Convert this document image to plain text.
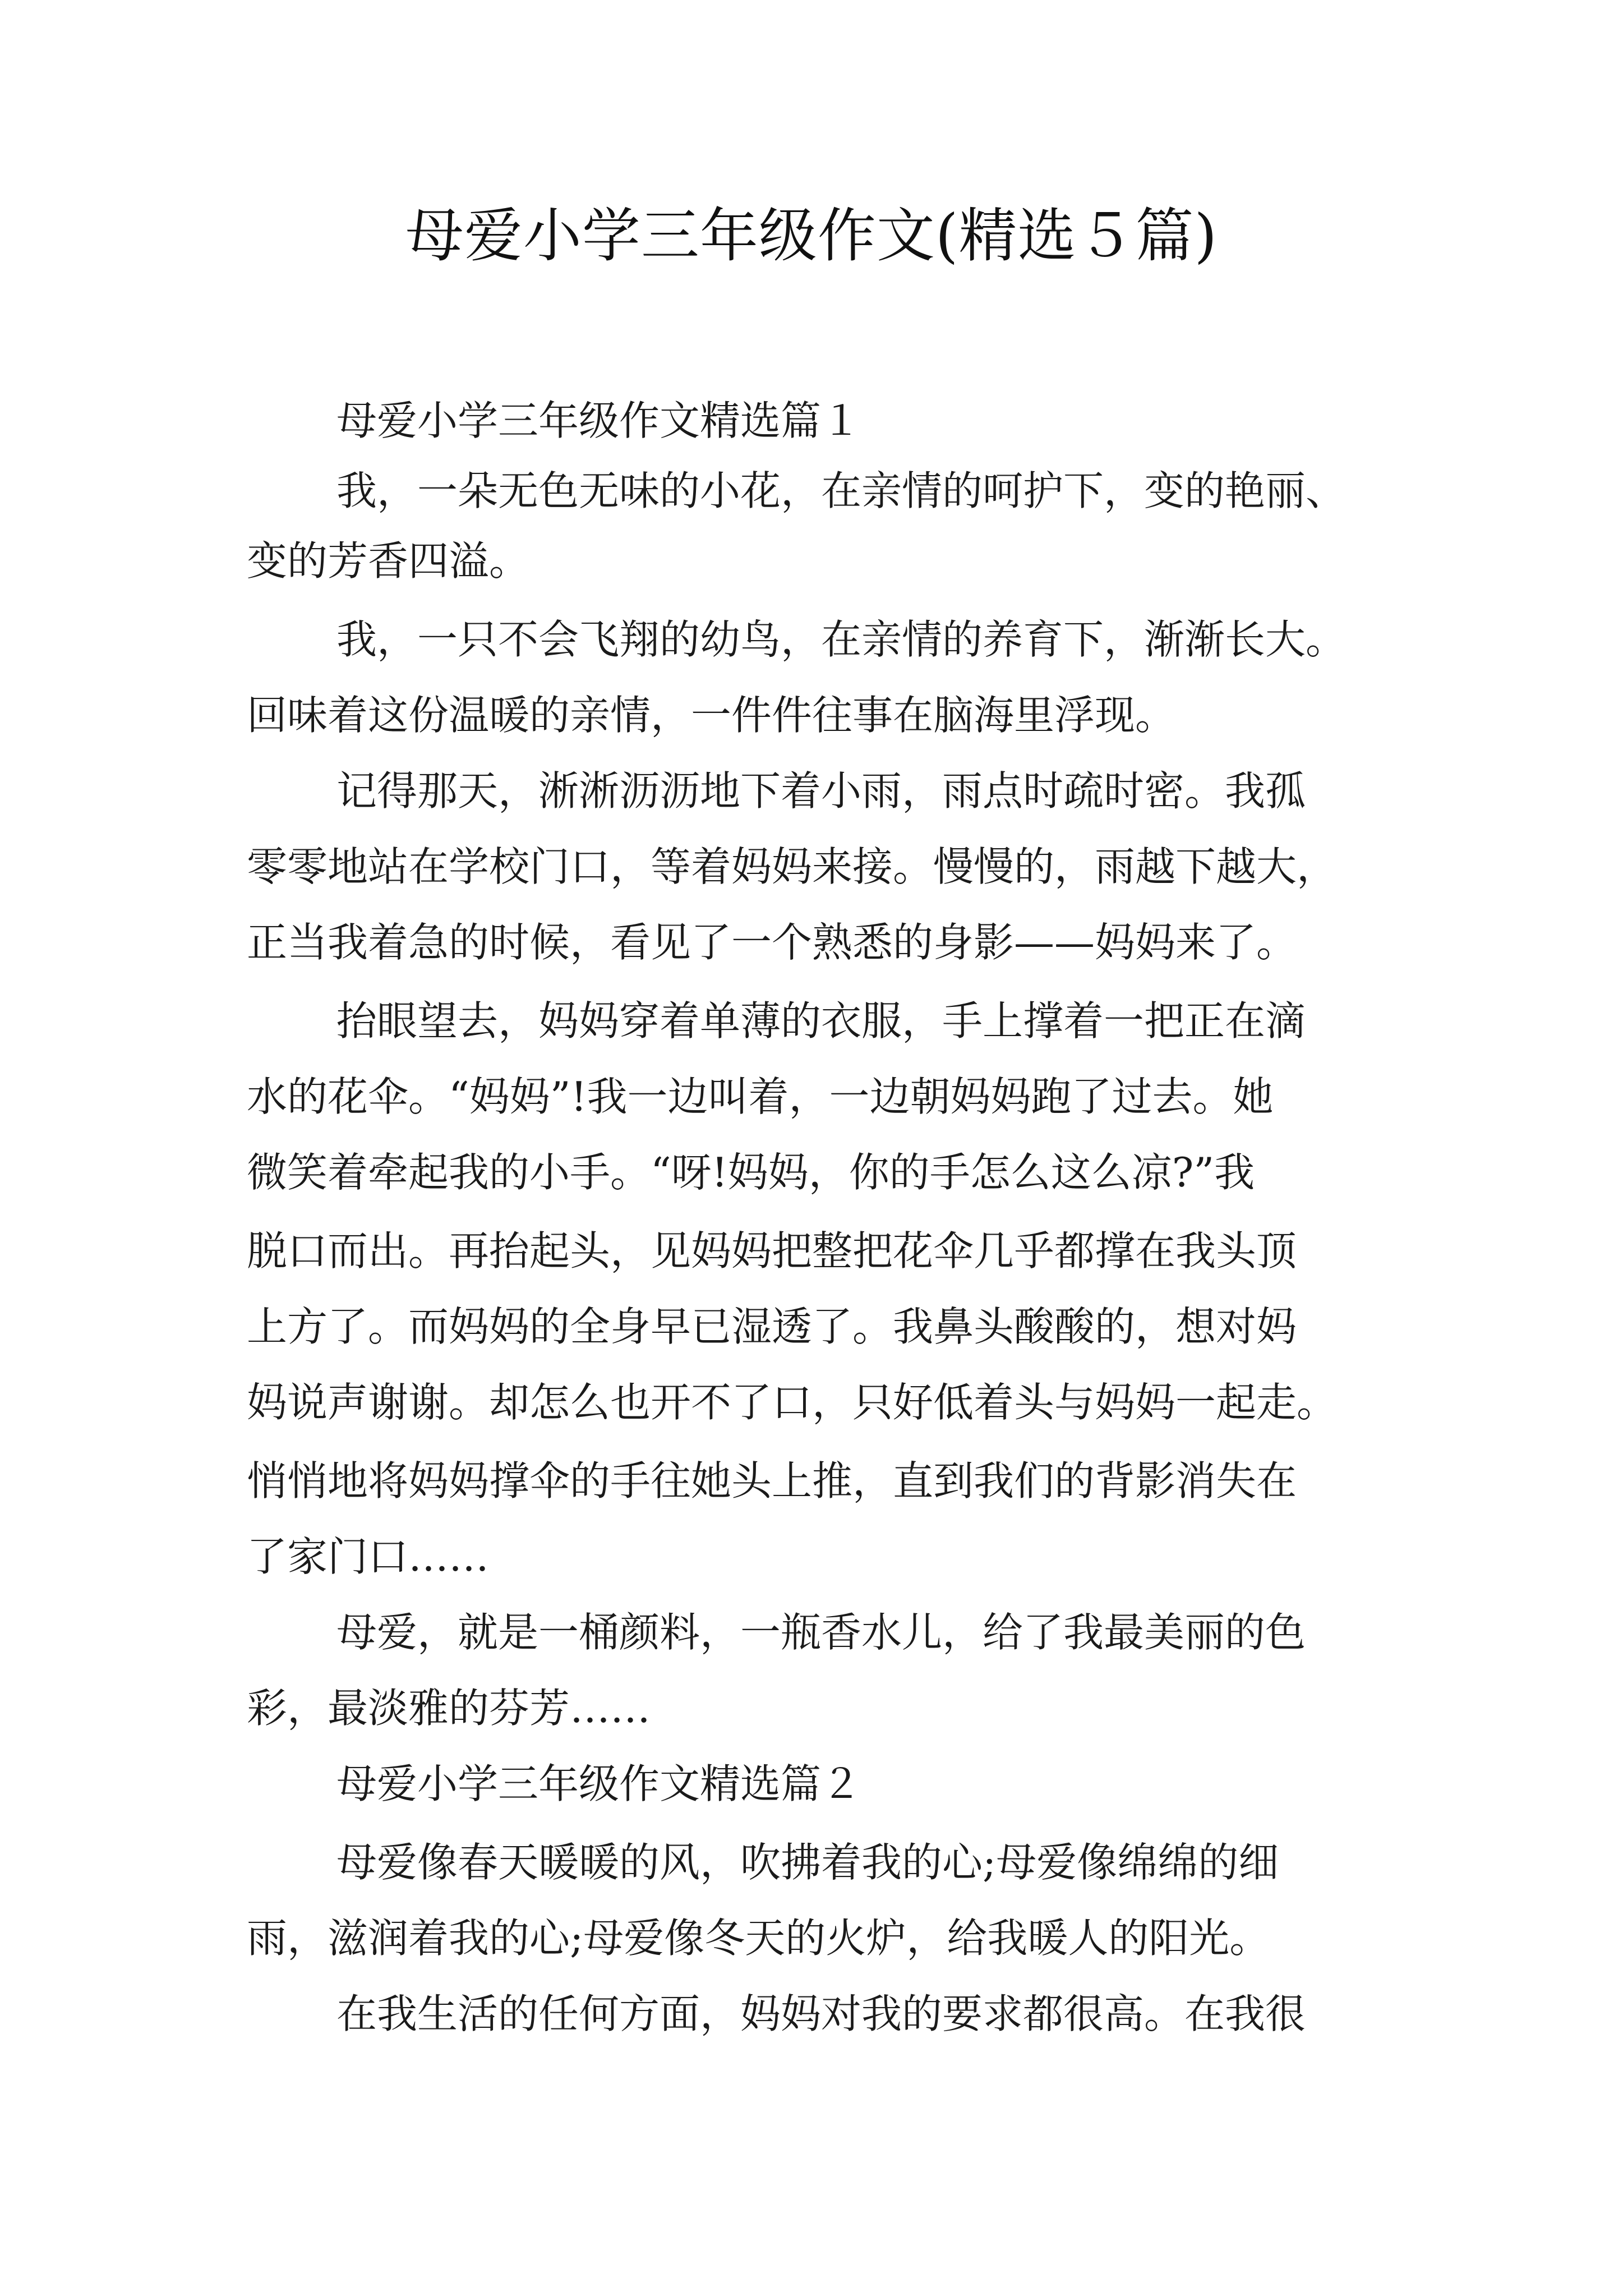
母爱小学三年级作文(精选５篇)
母爱小学三年级作文精选篇１
我，一朵无色无味的小花，在亲情的呵护下，变的艳丽、
变的芳香四溢。
我，一只不会飞翔的幼鸟，在亲情的养育下，渐渐长大。
回味着这份温暖的亲情，一件件往事在脑海里浮现。
记得那天，淅淅沥沥地下着小雨，雨点时疏时密。我孤
零零地站在学校门口，等着妈妈来接。慢慢的，雨越下越大，
正当我着急的时候，看见了一个熟悉的身影——妈妈来了。
抬眼望去，妈妈穿着单薄的衣服，手上撑着一把正在滴
水的花伞。“妈妈”!我一边叫着，一边朝妈妈跑了过去。她
微笑着牵起我的小手。“呀!妈妈，你的手怎么这么凉?”我
脱口而出。再抬起头，见妈妈把整把花伞几乎都撑在我头顶
上方了。而妈妈的全身早已湿透了。我鼻头酸酸的，想对妈
妈说声谢谢。却怎么也开不了口，只好低着头与妈妈一起走。
悄悄地将妈妈撑伞的手往她头上推，直到我们的背影消失在
了家门口……
母爱，就是一桶颜料，一瓶香水儿，给了我最美丽的色
彩，最淡雅的芬芳……
母爱小学三年级作文精选篇２
母爱像春天暖暖的风，吹拂着我的心;母爱像绵绵的细
雨，滋润着我的心;母爱像冬天的火炉，给我暖人的阳光。
在我生活的任何方面，妈妈对我的要求都很高。在我很
